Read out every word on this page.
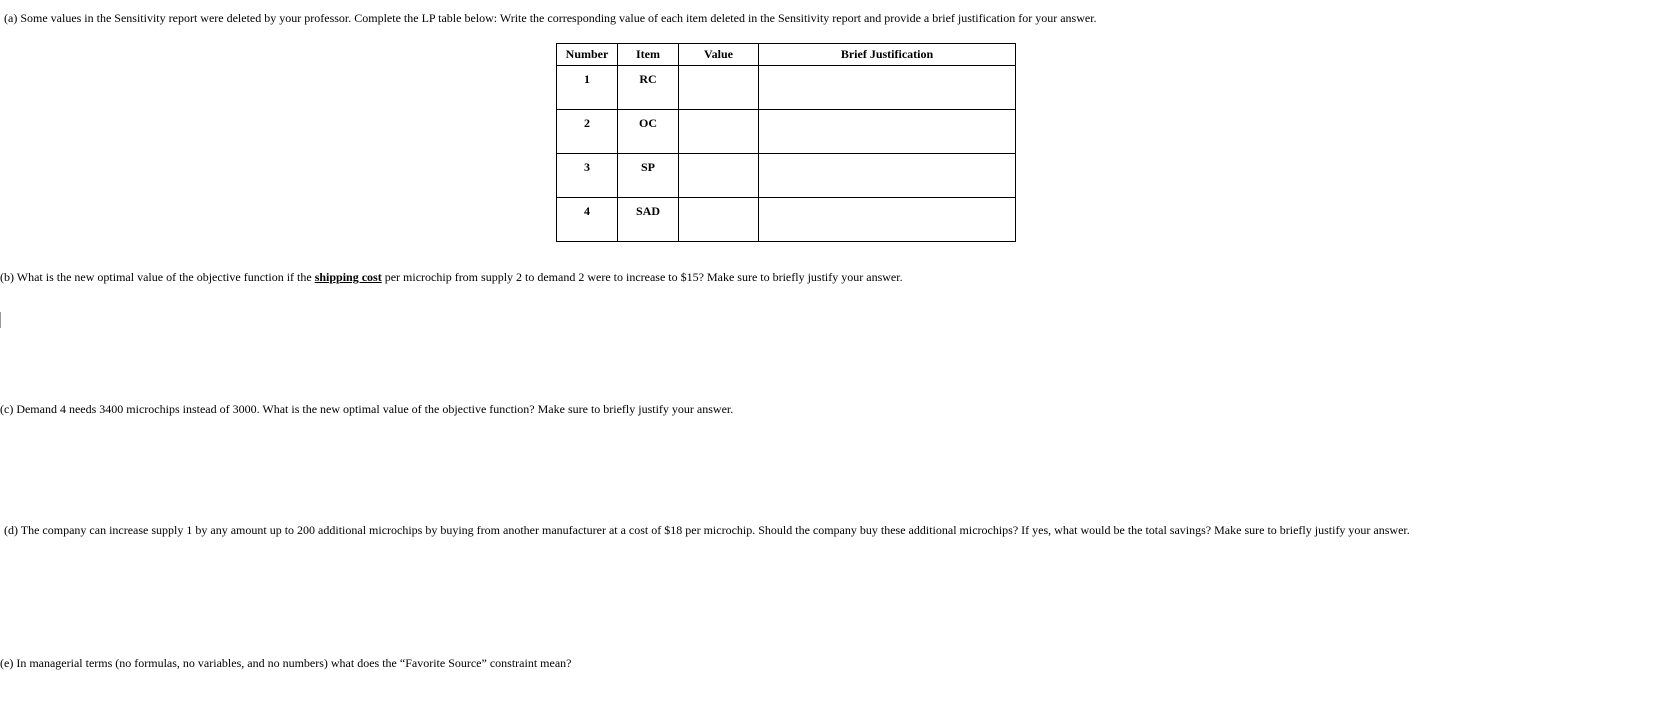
(a) Some values in the Sensitivity report were deleted by your professor. Complete the LP table below: Write the corresponding value of each item deleted in the Sensitivity report and provide a brief justification for your answer.

Number	Item	Value	Brief Justification
1	RC		
2	OC		
3	SP		
4	SAD		

(b) What is the new optimal value of the objective function if the shipping cost per microchip from supply 2 to demand 2 were to increase to $15? Make sure to briefly justify your answer.

(c) Demand 4 needs 3400 microchips instead of 3000. What is the new optimal value of the objective function? Make sure to briefly justify your answer.

(d) The company can increase supply 1 by any amount up to 200 additional microchips by buying from another manufacturer at a cost of $18 per microchip. Should the company buy these additional microchips? If yes, what would be the total savings? Make sure to briefly justify your answer.

(e) In managerial terms (no formulas, no variables, and no numbers) what does the “Favorite Source” constraint mean?
